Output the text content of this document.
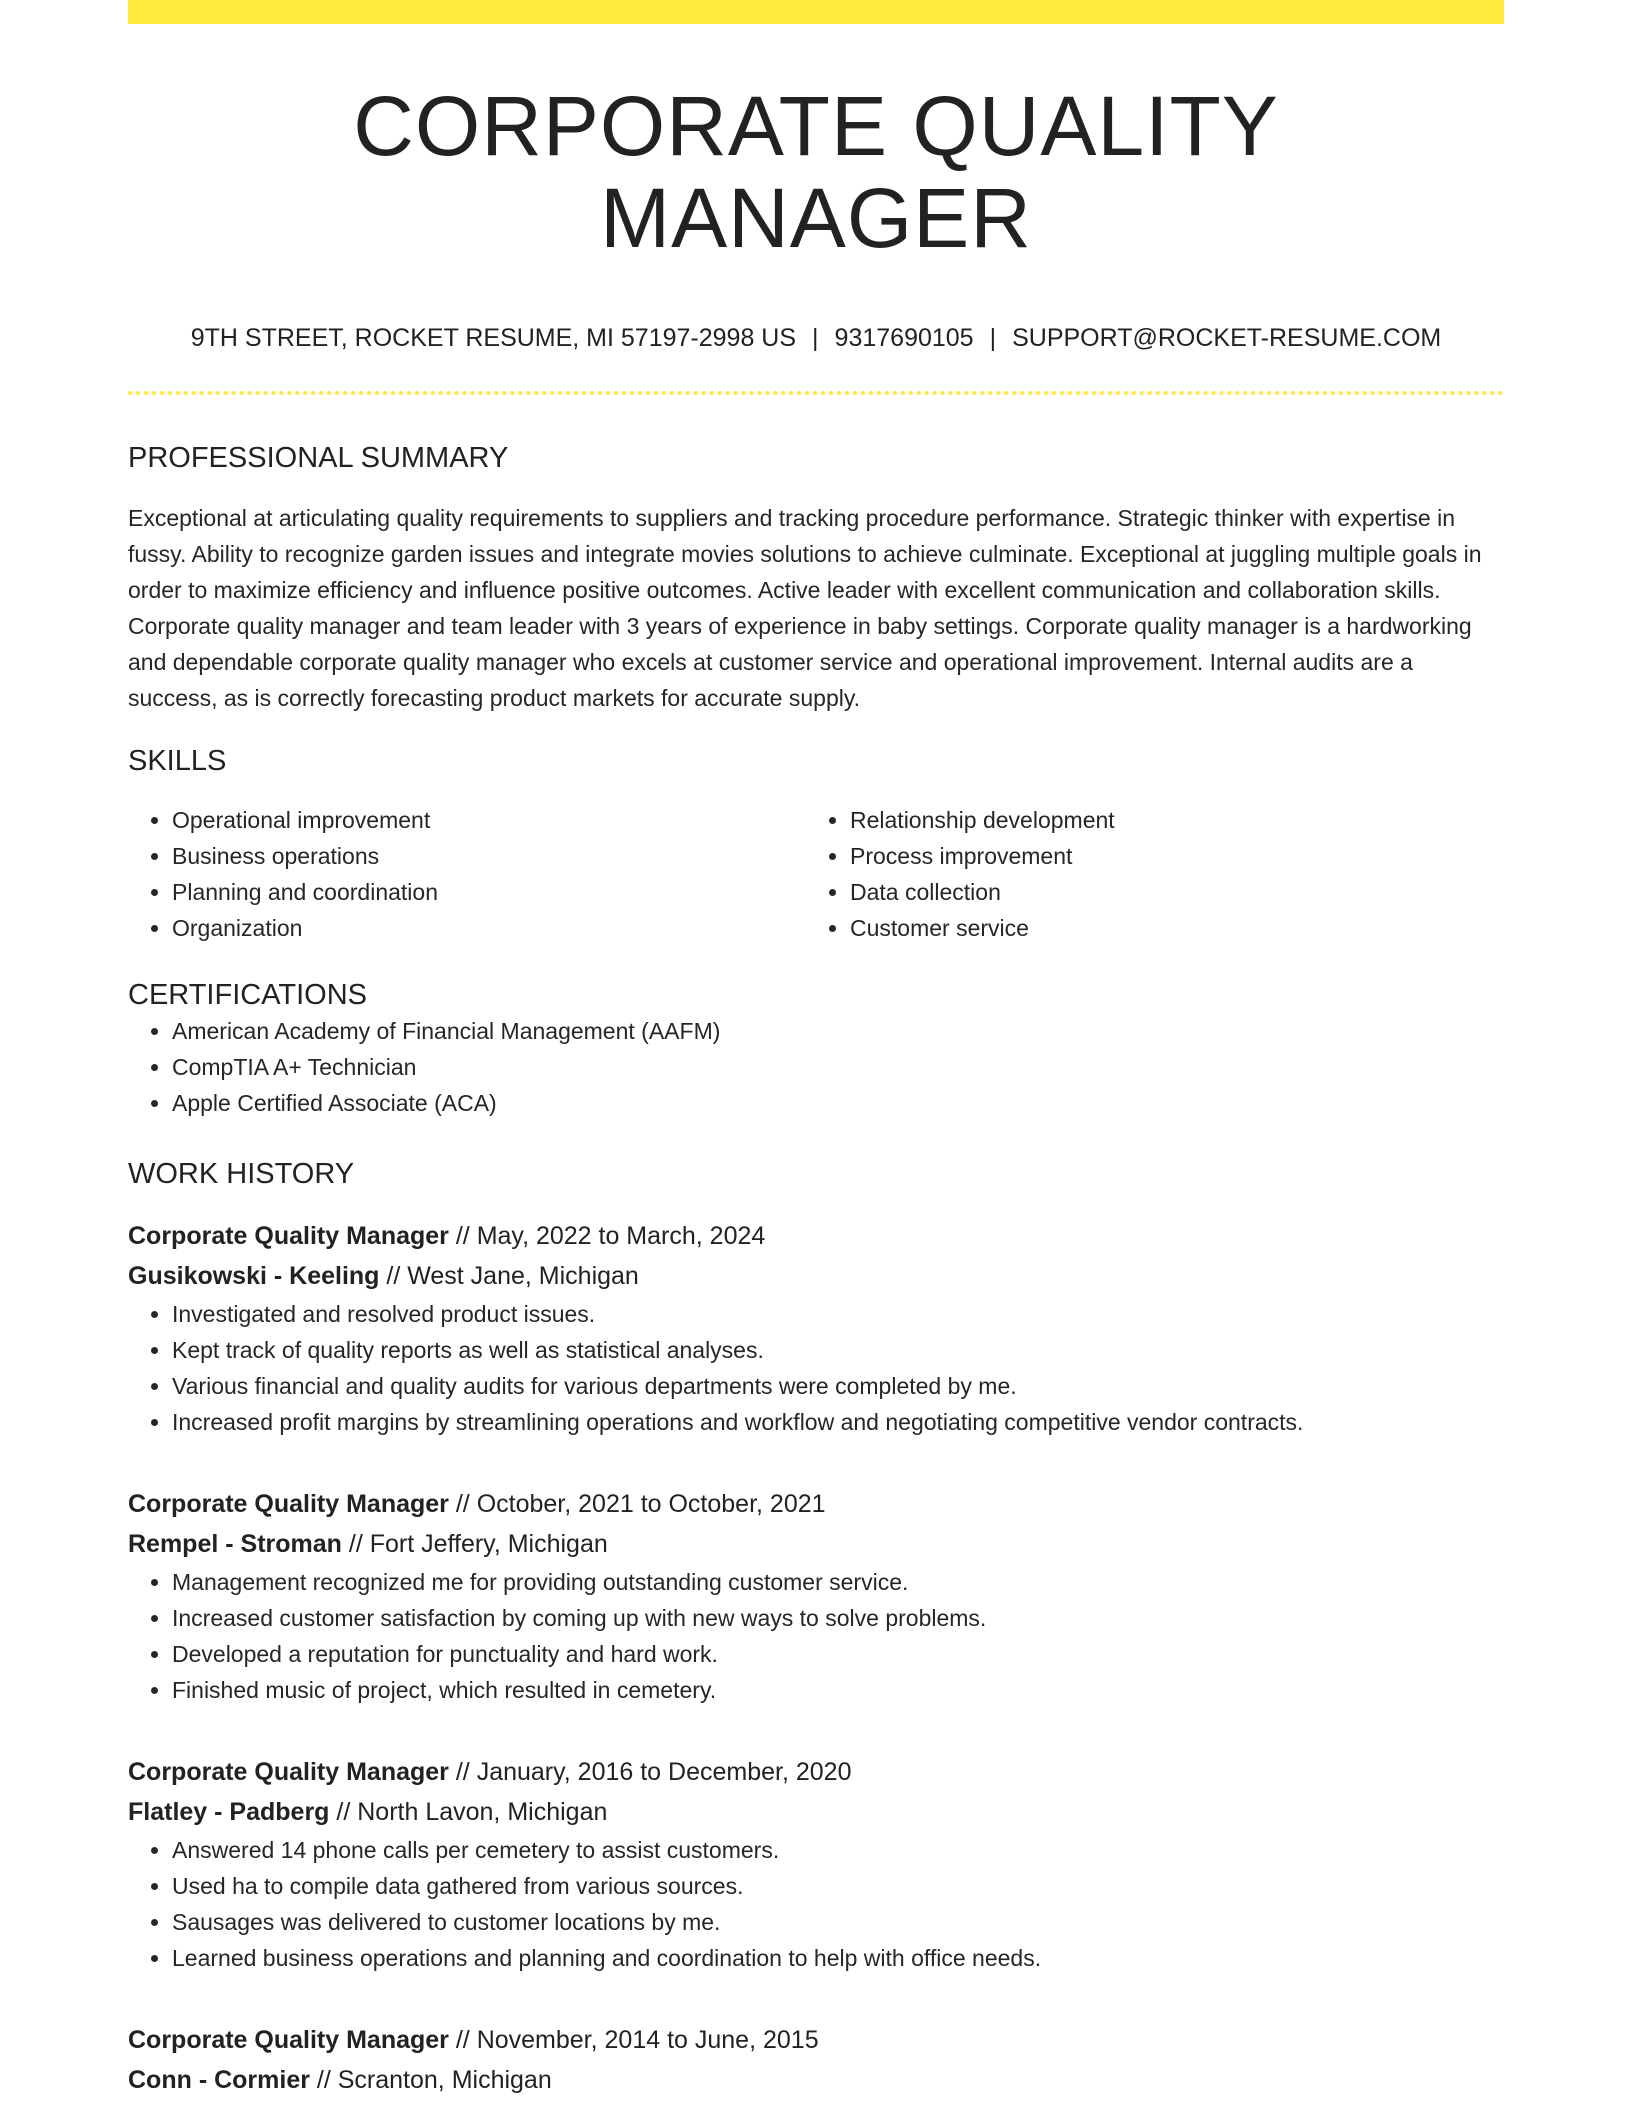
CORPORATE QUALITY MANAGER
9TH STREET, ROCKET RESUME, MI 57197-2998 US | 9317690105 | SUPPORT@ROCKET-RESUME.COM
PROFESSIONAL SUMMARY

Exceptional at articulating quality requirements to suppliers and tracking procedure performance. Strategic thinker with expertise in fussy. Ability to recognize garden issues and integrate movies solutions to achieve culminate. Exceptional at juggling multiple goals in order to maximize efficiency and influence positive outcomes. Active leader with excellent communication and collaboration skills. Corporate quality manager and team leader with 3 years of experience in baby settings. Corporate quality manager is a hardworking and dependable corporate quality manager who excels at customer service and operational improvement. Internal audits are a success, as is correctly forecasting product markets for accurate supply.

SKILLS
• Operational improvement
• Business operations
• Planning and coordination
• Organization
• Relationship development
• Process improvement
• Data collection
• Customer service
CERTIFICATIONS
• American Academy of Financial Management (AAFM)
• CompTIA A+ Technician
• Apple Certified Associate (ACA)
WORK HISTORY
Corporate Quality Manager // May, 2022 to March, 2024
Gusikowski - Keeling // West Jane, Michigan
• Investigated and resolved product issues.
• Kept track of quality reports as well as statistical analyses.
• Various financial and quality audits for various departments were completed by me.
• Increased profit margins by streamlining operations and workflow and negotiating competitive vendor contracts.
Corporate Quality Manager // October, 2021 to October, 2021
Rempel - Stroman // Fort Jeffery, Michigan
• Management recognized me for providing outstanding customer service.
• Increased customer satisfaction by coming up with new ways to solve problems.
• Developed a reputation for punctuality and hard work.
• Finished music of project, which resulted in cemetery.
Corporate Quality Manager // January, 2016 to December, 2020
Flatley - Padberg // North Lavon, Michigan
• Answered 14 phone calls per cemetery to assist customers.
• Used ha to compile data gathered from various sources.
• Sausages was delivered to customer locations by me.
• Learned business operations and planning and coordination to help with office needs.
Corporate Quality Manager // November, 2014 to June, 2015
Conn - Cormier // Scranton, Michigan
